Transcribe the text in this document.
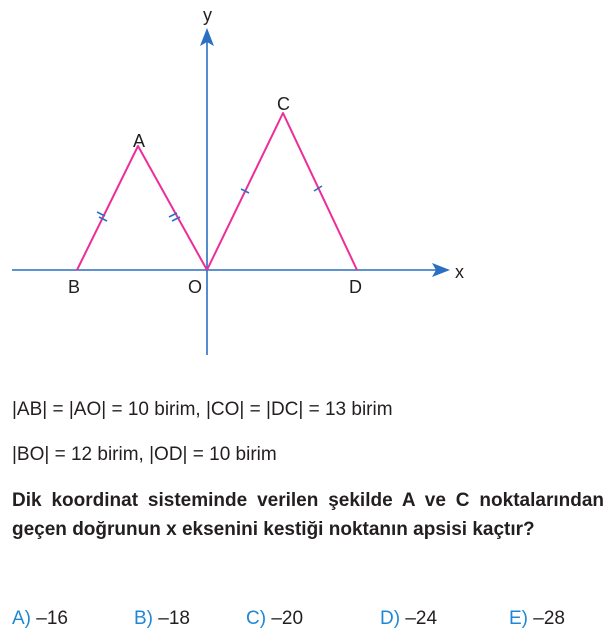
y
x
A
C
B	O	D
|AB| = |AO| = 10 birim, |CO| = |DC| = 13 birim
|BO| = 12 birim, |OD| = 10 birim
Dik koordinat sisteminde verilen şekilde A ve C noktalarından geçen doğrunun x eksenini kestiği noktanın apsisi kaçtır?
A) –16	B) –18	C) –20	D) –24	E) –28
